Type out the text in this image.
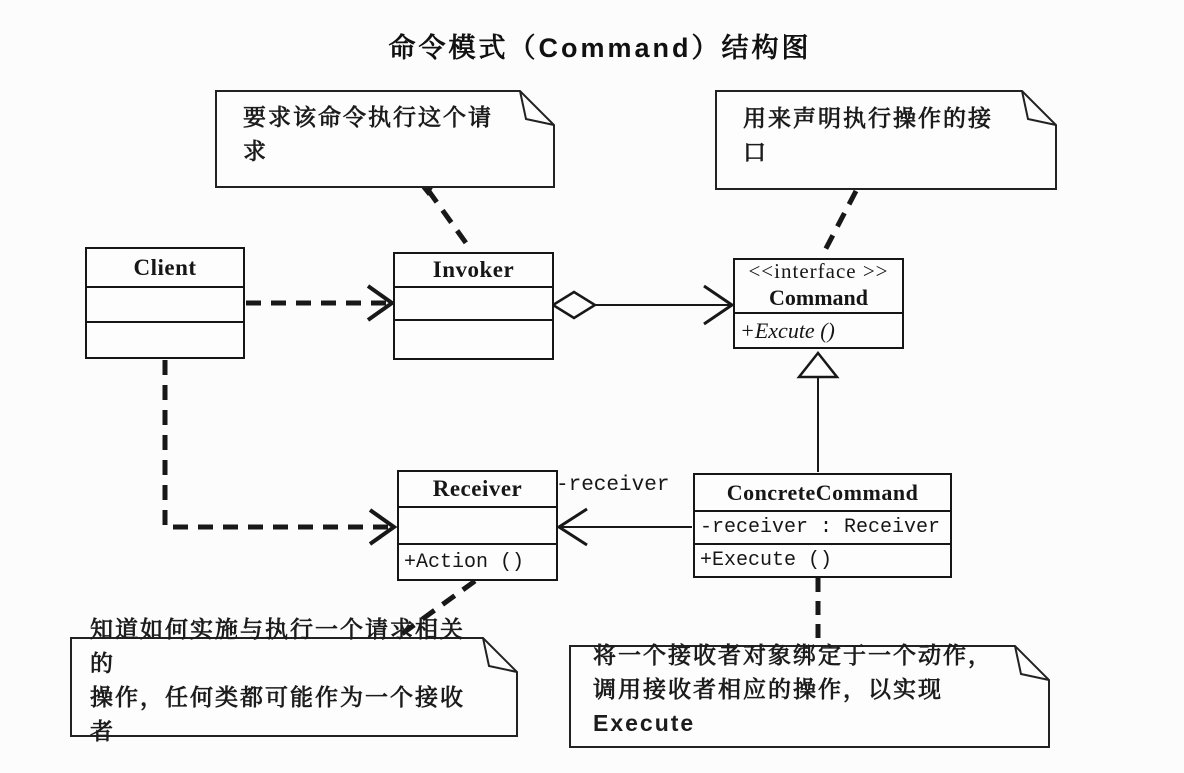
命令模式（Command）结构图
要求该命令执行这个请求
用来声明执行操作的接口
知道如何实施与执行一个请求相关的
操作，任何类都可能作为一个接收者
将一个接收者对象绑定于一个动作，
调用接收者相应的操作，以实现 Execute
Client	Invoker	<<interface >>
Command
+Excute ()
Receiver
+Action ()
ConcreteCommand
-receiver : Receiver
+Execute ()
-receiver
